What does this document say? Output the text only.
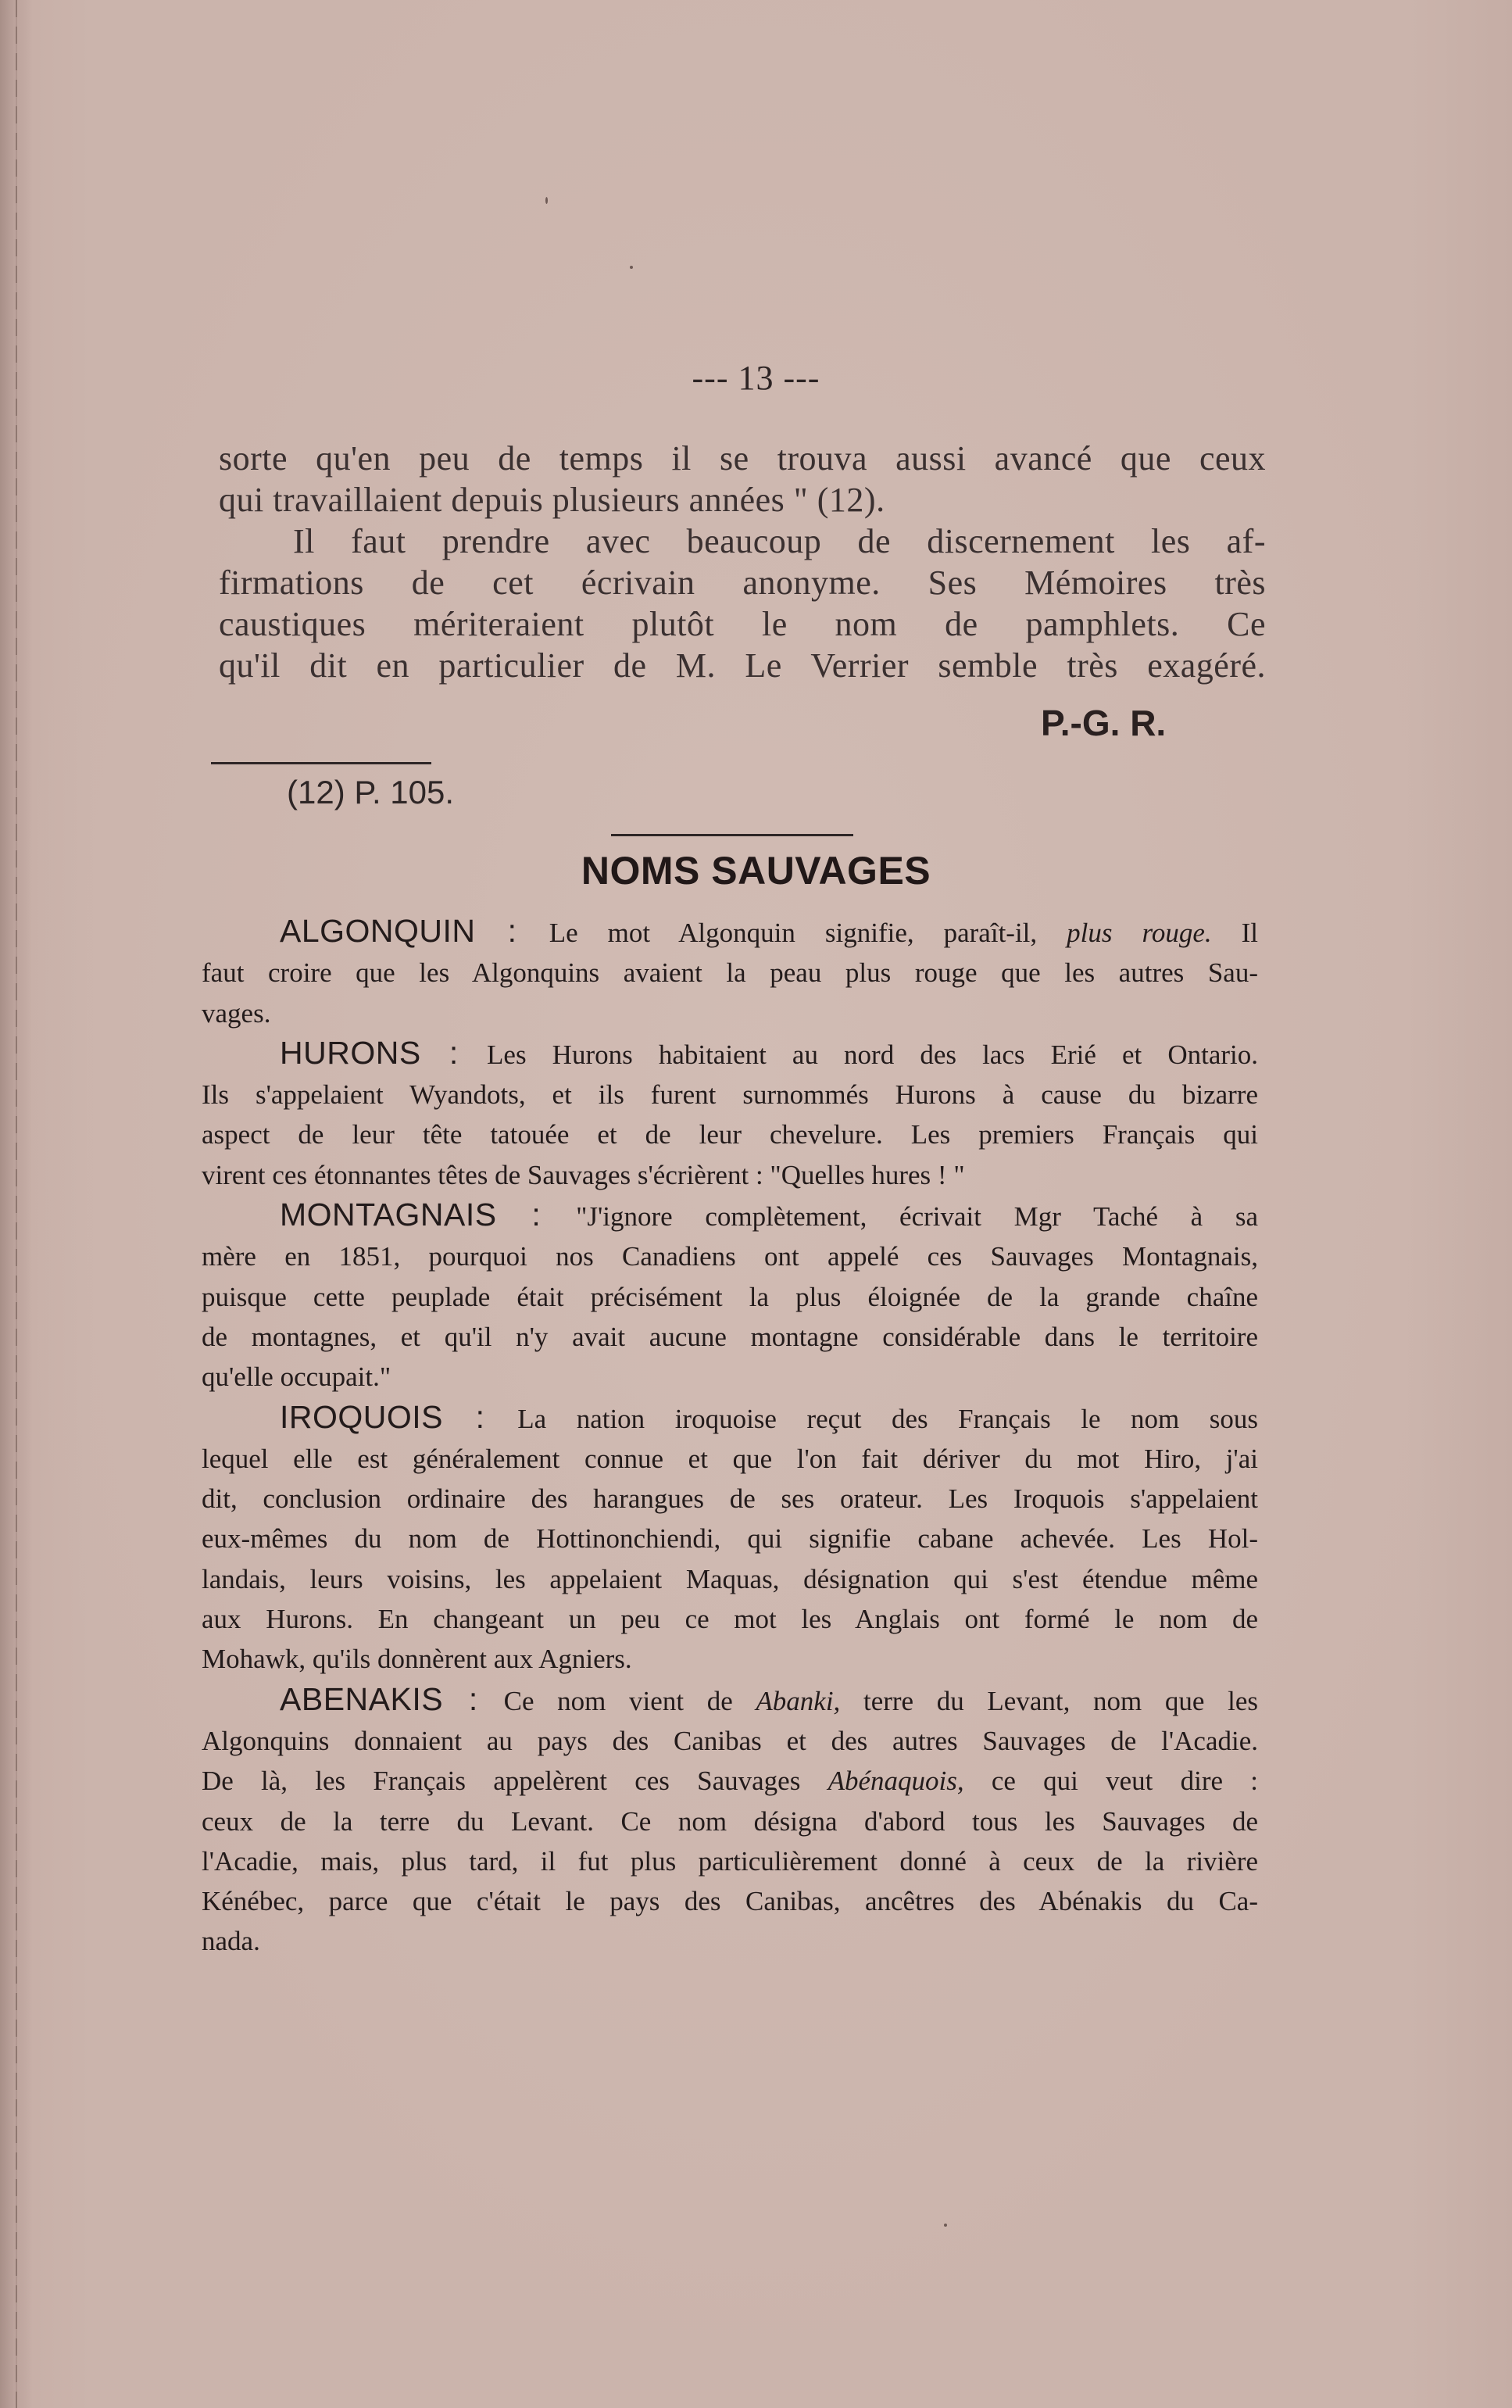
--- 13 ---
sorte qu'en peu de temps il se trouva aussi avancé que ceux
qui travaillaient depuis plusieurs années " (12).
Il faut prendre avec beaucoup de discernement les af-
firmations de cet écrivain anonyme. Ses Mémoires très
caustiques mériteraient plutôt le nom de pamphlets. Ce
qu'il dit en particulier de M. Le Verrier semble très exagéré.
P.-G. R.
(12) P. 105.
NOMS SAUVAGES
ALGONQUIN : Le mot Algonquin signifie, paraît-il, plus rouge. Il
faut croire que les Algonquins avaient la peau plus rouge que les autres Sau-
vages.
HURONS : Les Hurons habitaient au nord des lacs Erié et Ontario.
Ils s'appelaient Wyandots, et ils furent surnommés Hurons à cause du bizarre
aspect de leur tête tatouée et de leur chevelure. Les premiers Français qui
virent ces étonnantes têtes de Sauvages s'écrièrent : "Quelles hures ! "
MONTAGNAIS : "J'ignore complètement, écrivait Mgr Taché à sa
mère en 1851, pourquoi nos Canadiens ont appelé ces Sauvages Montagnais,
puisque cette peuplade était précisément la plus éloignée de la grande chaîne
de montagnes, et qu'il n'y avait aucune montagne considérable dans le territoire
qu'elle occupait."
IROQUOIS : La nation iroquoise reçut des Français le nom sous
lequel elle est généralement connue et que l'on fait dériver du mot Hiro, j'ai
dit, conclusion ordinaire des harangues de ses orateur. Les Iroquois s'appelaient
eux-mêmes du nom de Hottinonchiendi, qui signifie cabane achevée. Les Hol-
landais, leurs voisins, les appelaient Maquas, désignation qui s'est étendue même
aux Hurons. En changeant un peu ce mot les Anglais ont formé le nom de
Mohawk, qu'ils donnèrent aux Agniers.
ABENAKIS : Ce nom vient de Abanki, terre du Levant, nom que les
Algonquins donnaient au pays des Canibas et des autres Sauvages de l'Acadie.
De là, les Français appelèrent ces Sauvages Abénaquois, ce qui veut dire :
ceux de la terre du Levant. Ce nom désigna d'abord tous les Sauvages de
l'Acadie, mais, plus tard, il fut plus particulièrement donné à ceux de la rivière
Kénébec, parce que c'était le pays des Canibas, ancêtres des Abénakis du Ca-
nada.
